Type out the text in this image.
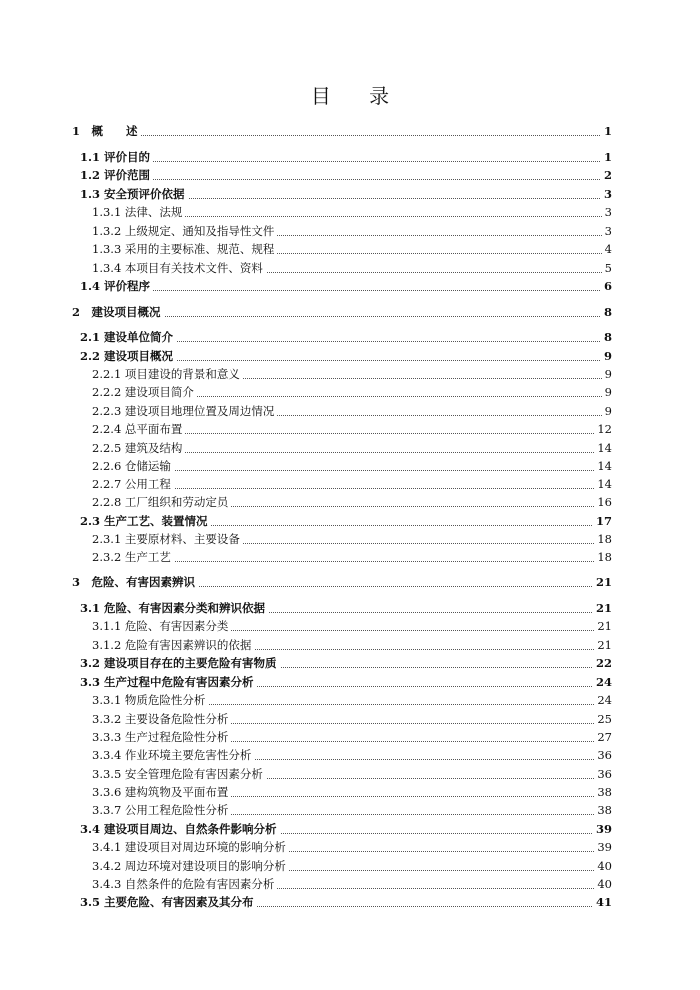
目 录
1　概　　述	1
1.1 评价目的	1
1.2 评价范围	2
1.3 安全预评价依据	3
1.3.1 法律、法规	3
1.3.2 上级规定、通知及指导性文件	3
1.3.3 采用的主要标准、规范、规程	4
1.3.4 本项目有关技术文件、资料	5
1.4 评价程序	6
2　建设项目概况	8
2.1 建设单位简介	8
2.2 建设项目概况	9
2.2.1 项目建设的背景和意义	9
2.2.2 建设项目简介	9
2.2.3 建设项目地理位置及周边情况	9
2.2.4 总平面布置	12
2.2.5 建筑及结构	14
2.2.6 仓储运输	14
2.2.7 公用工程	14
2.2.8 工厂组织和劳动定员	16
2.3 生产工艺、装置情况	17
2.3.1 主要原材料、主要设备	18
2.3.2 生产工艺	18
3　危险、有害因素辨识	21
3.1 危险、有害因素分类和辨识依据	21
3.1.1 危险、有害因素分类	21
3.1.2 危险有害因素辨识的依据	21
3.2 建设项目存在的主要危险有害物质	22
3.3 生产过程中危险有害因素分析	24
3.3.1 物质危险性分析	24
3.3.2 主要设备危险性分析	25
3.3.3 生产过程危险性分析	27
3.3.4 作业环境主要危害性分析	36
3.3.5 安全管理危险有害因素分析	36
3.3.6 建构筑物及平面布置	38
3.3.7 公用工程危险性分析	38
3.4 建设项目周边、自然条件影响分析	39
3.4.1 建设项目对周边环境的影响分析	39
3.4.2 周边环境对建设项目的影响分析	40
3.4.3 自然条件的危险有害因素分析	40
3.5 主要危险、有害因素及其分布	41
